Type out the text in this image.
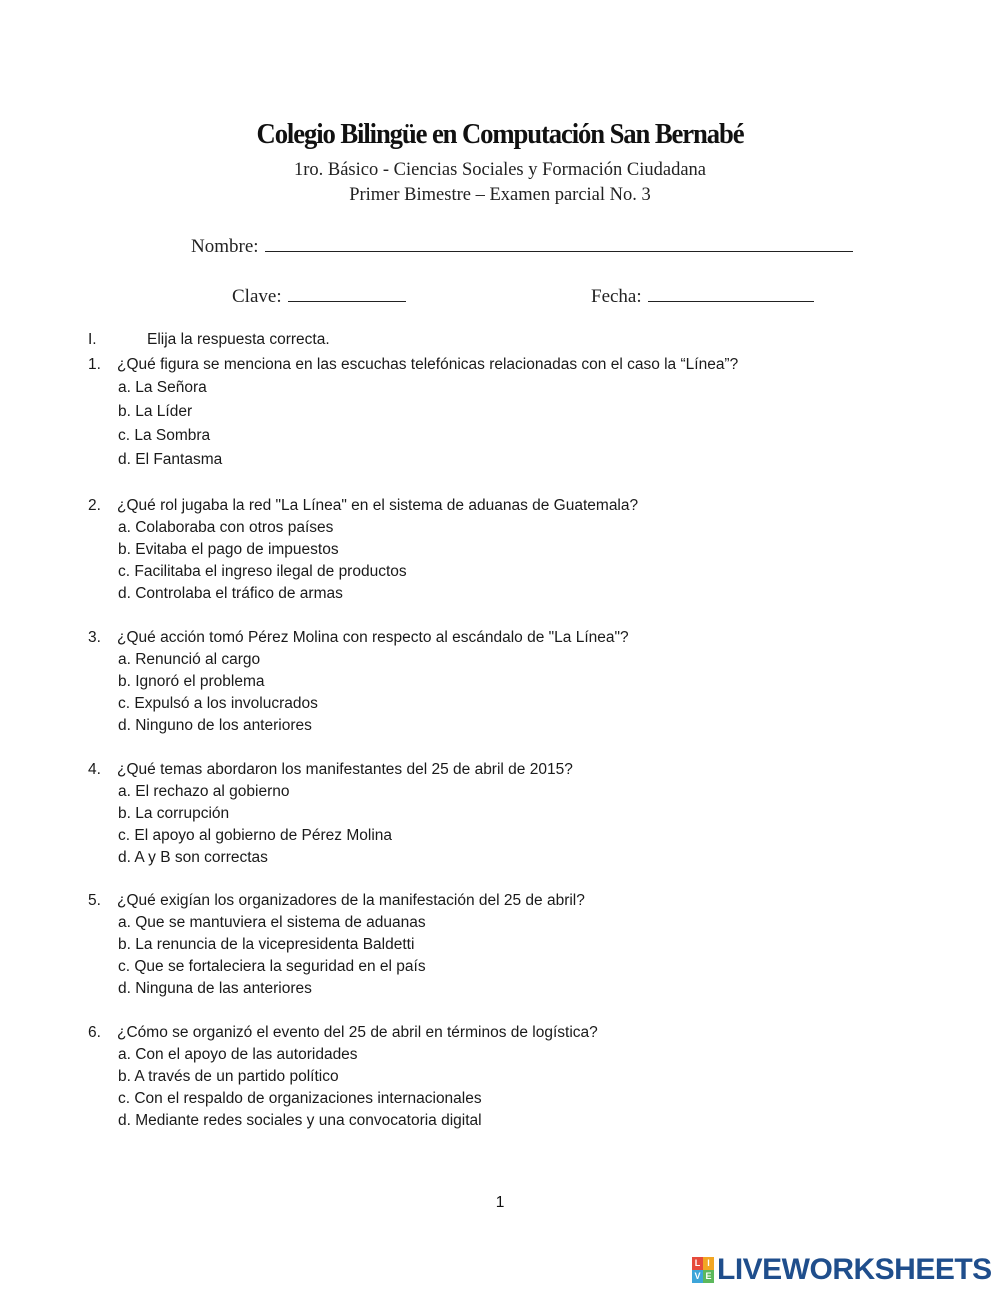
Colegio Bilingüe en Computación San Bernabé
1ro. Básico - Ciencias Sociales y Formación Ciudadana
Primer Bimestre – Examen parcial No. 3
Nombre:
Clave:	Fecha:
I.	Elija la respuesta correcta.
1. ¿Qué figura se menciona en las escuchas telefónicas relacionadas con el caso la “Línea”?
a. La Señora
b. La Líder
c. La Sombra
d. El Fantasma
2. ¿Qué rol jugaba la red "La Línea" en el sistema de aduanas de Guatemala?
a. Colaboraba con otros países
b. Evitaba el pago de impuestos
c. Facilitaba el ingreso ilegal de productos
d. Controlaba el tráfico de armas
3. ¿Qué acción tomó Pérez Molina con respecto al escándalo de "La Línea"?
a. Renunció al cargo
b. Ignoró el problema
c. Expulsó a los involucrados
d. Ninguno de los anteriores
4. ¿Qué temas abordaron los manifestantes del 25 de abril de 2015?
a. El rechazo al gobierno
b. La corrupción
c. El apoyo al gobierno de Pérez Molina
d. A y B son correctas
5. ¿Qué exigían los organizadores de la manifestación del 25 de abril?
a. Que se mantuviera el sistema de aduanas
b. La renuncia de la vicepresidenta Baldetti
c. Que se fortaleciera la seguridad en el país
d. Ninguna de las anteriores
6. ¿Cómo se organizó el evento del 25 de abril en términos de logística?
a. Con el apoyo de las autoridades
b. A través de un partido político
c. Con el respaldo de organizaciones internacionales
d. Mediante redes sociales y una convocatoria digital
1
L I
V E LIVEWORKSHEETS
